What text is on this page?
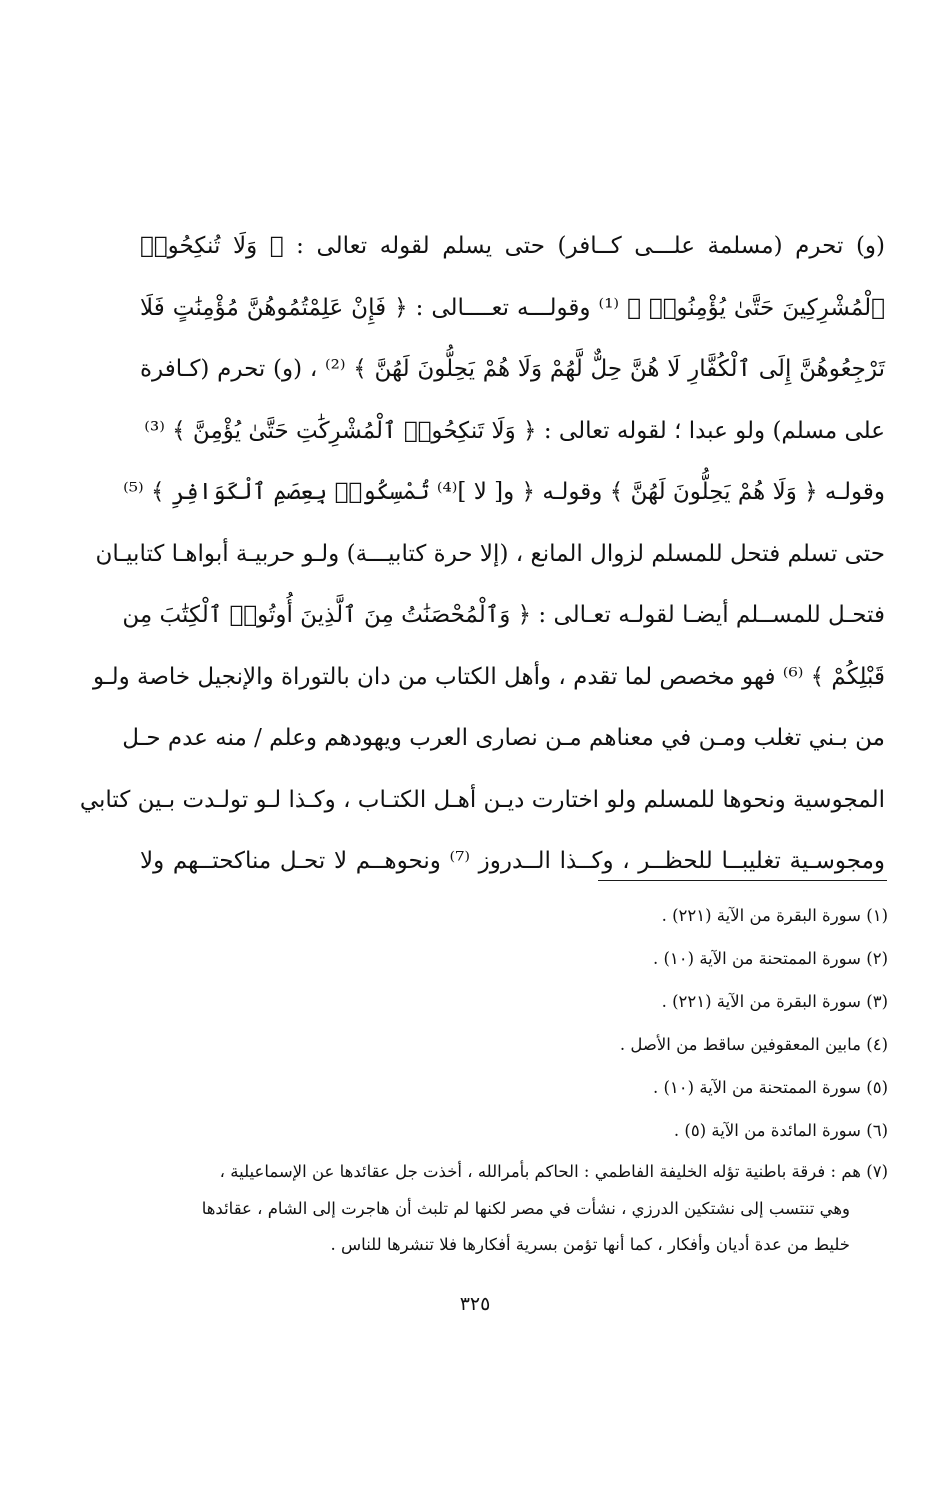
(و) تحرم (مسلمة علـــى كــافر) حتى يسلم لقوله تعالى : ﴿ وَلَا تُنكِحُوا۟
ٱلْمُشْرِكِينَ حَتَّىٰ يُؤْمِنُوا۟ ﴾ ⁽¹⁾ وقولـــه تعــــالى : ﴿ فَإِنْ عَلِمْتُمُوهُنَّ مُؤْمِنَٰتٍ فَلَا
تَرْجِعُوهُنَّ إِلَى ٱلْكُفَّارِ لَا هُنَّ حِلٌّ لَّهُمْ وَلَا هُمْ يَحِلُّونَ لَهُنَّ ﴾ ⁽²⁾ ، (و) تحرم (كـافرة
على مسلم) ولو عبدا ؛ لقوله تعالى : ﴿ وَلَا تَنكِحُوا۟ ٱلْمُشْرِكَٰتِ حَتَّىٰ يُؤْمِنَّ ﴾ ⁽³⁾
وقولـه ﴿ وَلَا هُمْ يَحِلُّونَ لَهُنَّ ﴾ وقولـه ﴿ و[ لا ]⁽⁴⁾ تُمْسِكُوا۟ بِعِصَمِ ٱلْكَوَافِرِ ﴾ ⁽⁵⁾
حتى تسلم فتحل للمسلم لزوال المانع ، (إلا حرة كتابيـــة) ولـو حربيـة أبواهـا كتابيـان
فتحـل للمســلم أيضـا لقولـه تعـالى : ﴿ وَٱلْمُحْصَنَٰتُ مِنَ ٱلَّذِينَ أُوتُوا۟ ٱلْكِتَٰبَ مِن
قَبْلِكُمْ ﴾ ⁽⁶⁾ فهو مخصص لما تقدم ، وأهل الكتاب من دان بالتوراة والإنجيل خاصة ولـو
من بـني تغلب ومـن في معناهم مـن نصارى العرب ويهودهم وعلم / منه عدم حـل
المجوسية ونحوها للمسلم ولو اختارت ديـن أهـل الكتـاب ، وكـذا لـو تولـدت بـين كتابي
ومجوسـية تغليبــا للحظــر ، وكــذا الــدروز ⁽⁷⁾ ونحوهــم لا تحـل مناكحتــهم ولا
(١) سورة البقرة من الآية (٢٢١) .
(٢) سورة الممتحنة من الآية (١٠) .
(٣) سورة البقرة من الآية (٢٢١) .
(٤) مابين المعقوفين ساقط من الأصل .
(٥) سورة الممتحنة من الآية (١٠) .
(٦) سورة المائدة من الآية (٥) .
(٧) هم : فرقة باطنية تؤله الخليفة الفاطمي : الحاكم بأمرالله ، أخذت جل عقائدها عن الإسماعيلية ،
وهي تنتسب إلى نشتكين الدرزي ، نشأت في مصر لكنها لم تلبث أن هاجرت إلى الشام ، عقائدها
خليط من عدة أديان وأفكار ، كما أنها تؤمن بسرية أفكارها فلا تنشرها للناس .
٣٢٥
